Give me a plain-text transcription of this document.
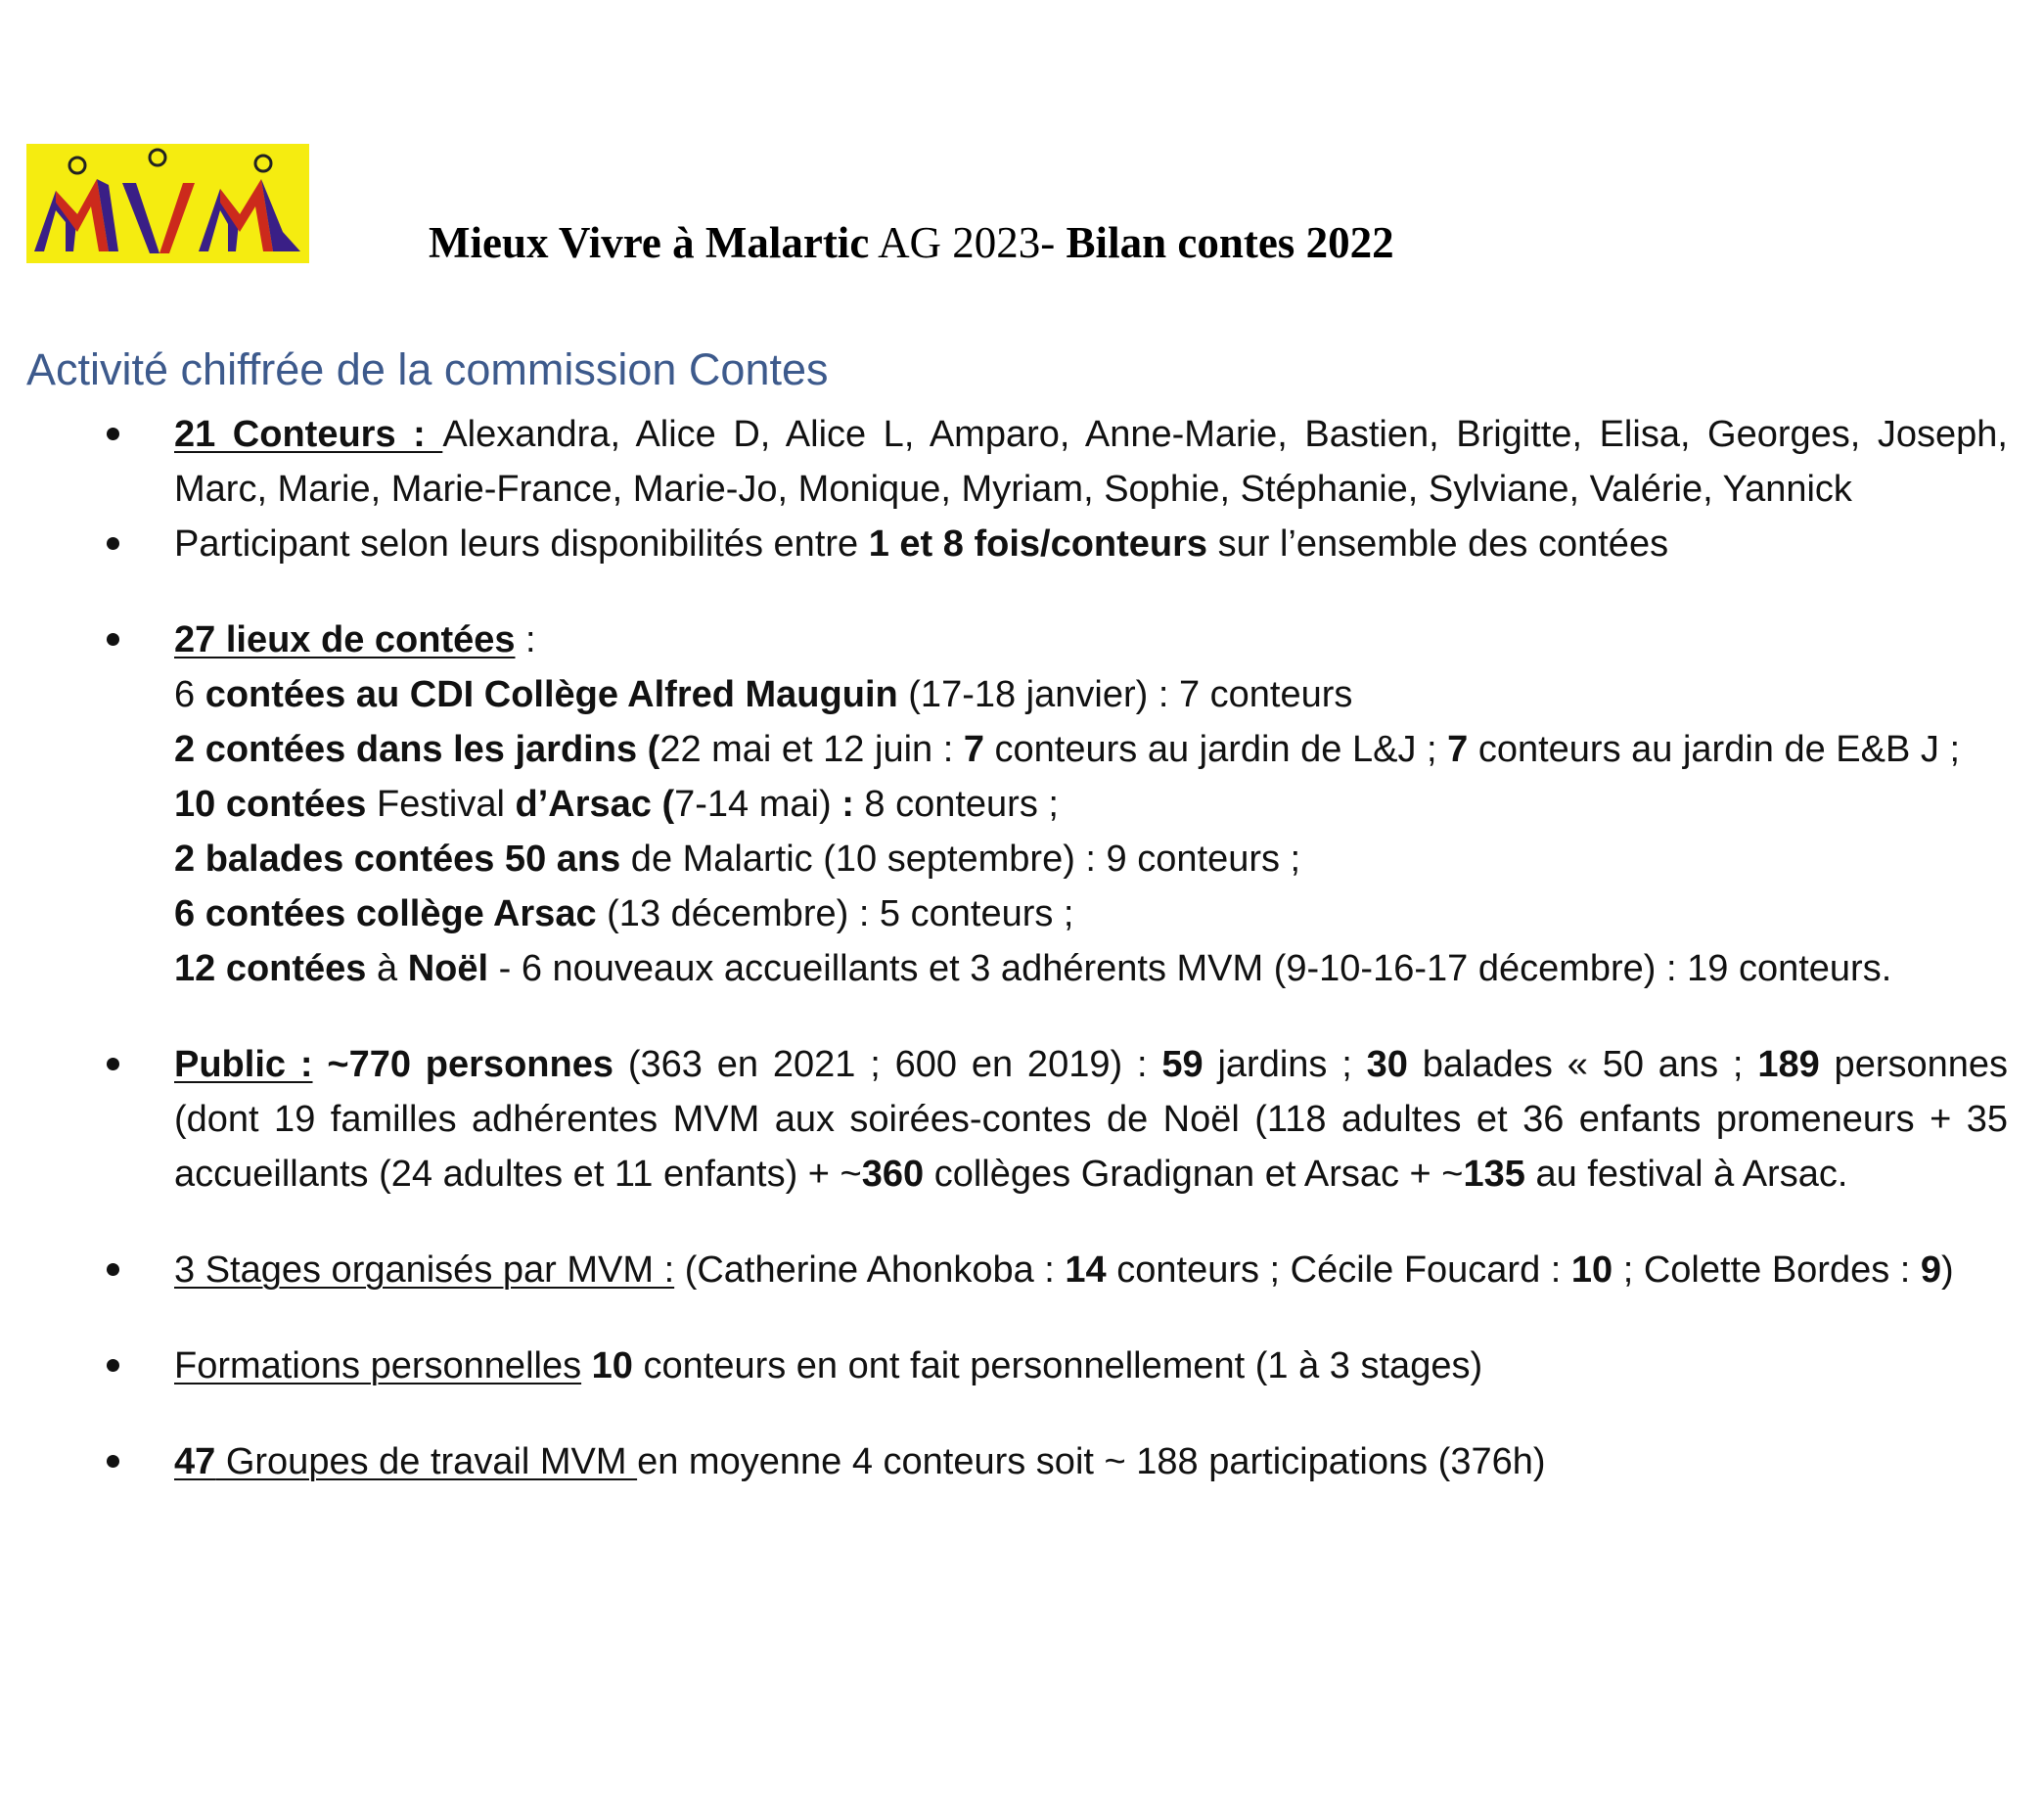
MVM	Mieux Vivre à Malartic AG 2023- Bilan contes 2022
Activité chiffrée de la commission Contes
21 Conteurs : Alexandra, Alice D, Alice L, Amparo, Anne-Marie, Bastien, Brigitte, Elisa, Georges, Joseph, Marc, Marie, Marie-France, Marie-Jo, Monique, Myriam, Sophie, Stéphanie, Sylviane, Valérie, Yannick
Participant selon leurs disponibilités entre 1 et 8 fois/conteurs sur l’ensemble des contées
27 lieux de contées :
6 contées au CDI Collège Alfred Mauguin (17-18 janvier) : 7 conteurs
2 contées dans les jardins (22 mai et 12 juin : 7 conteurs au jardin de L&J ; 7 conteurs au jardin de E&B J ;
10 contées Festival d’Arsac (7-14 mai) : 8 conteurs ;
2 balades contées 50 ans de Malartic (10 septembre) : 9 conteurs ;
6 contées collège Arsac (13 décembre) : 5 conteurs ;
12 contées à Noël - 6 nouveaux accueillants et 3 adhérents MVM (9-10-16-17 décembre) : 19 conteurs.
Public : ~770 personnes (363 en 2021 ; 600 en 2019) : 59 jardins ; 30 balades « 50 ans ; 189 personnes (dont 19 familles adhérentes MVM aux soirées-contes de Noël (118 adultes et 36 enfants promeneurs + 35 accueillants (24 adultes et 11 enfants) + ~360 collèges Gradignan et Arsac + ~135 au festival à Arsac.
3 Stages organisés par MVM : (Catherine Ahonkoba : 14 conteurs ; Cécile Foucard : 10 ; Colette Bordes : 9)
Formations personnelles 10 conteurs en ont fait personnellement (1 à 3 stages)
47 Groupes de travail MVM en moyenne 4 conteurs soit ~ 188 participations (376h)
